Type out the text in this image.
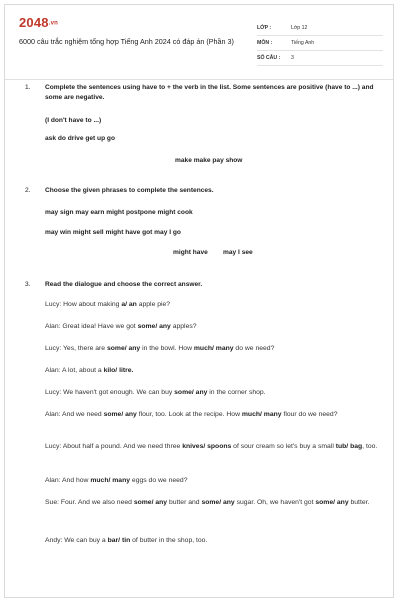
2048.vn
6000 câu trắc nghiệm tổng hợp Tiếng Anh 2024 có đáp án (Phần 3)
LỚP :	Lớp 12
MÔN :	Tiếng Anh
SỐ CÂU : 3
1. Complete the sentences using have to + the verb in the list. Some sentences are positive (have to ...) and some are negative.
(I don't have to ...)
ask do drive get up go
make make pay show
2. Choose the given phrases to complete the sentences.
may sign may earn might postpone might cook
may win might sell might have got may I go
might have may I see
3. Read the dialogue and choose the correct answer.
Lucy: How about making a/ an apple pie?
Alan: Great idea! Have we got some/ any apples?
Lucy: Yes, there are some/ any in the bowl. How much/ many do we need?
Alan: A lot, about a kilo/ litre.
Lucy: We haven't got enough. We can buy some/ any in the corner shop.
Alan: And we need some/ any flour, too. Look at the recipe. How much/ many flour do we need?
Lucy: About half a pound. And we need three knives/ spoons of sour cream so let's buy a small tub/ bag, too.
Alan: And how much/ many eggs do we need?
Sue: Four. And we also need some/ any butter and some/ any sugar. Oh, we haven't got some/ any butter.
Andy: We can buy a bar/ tin of butter in the shop, too.
